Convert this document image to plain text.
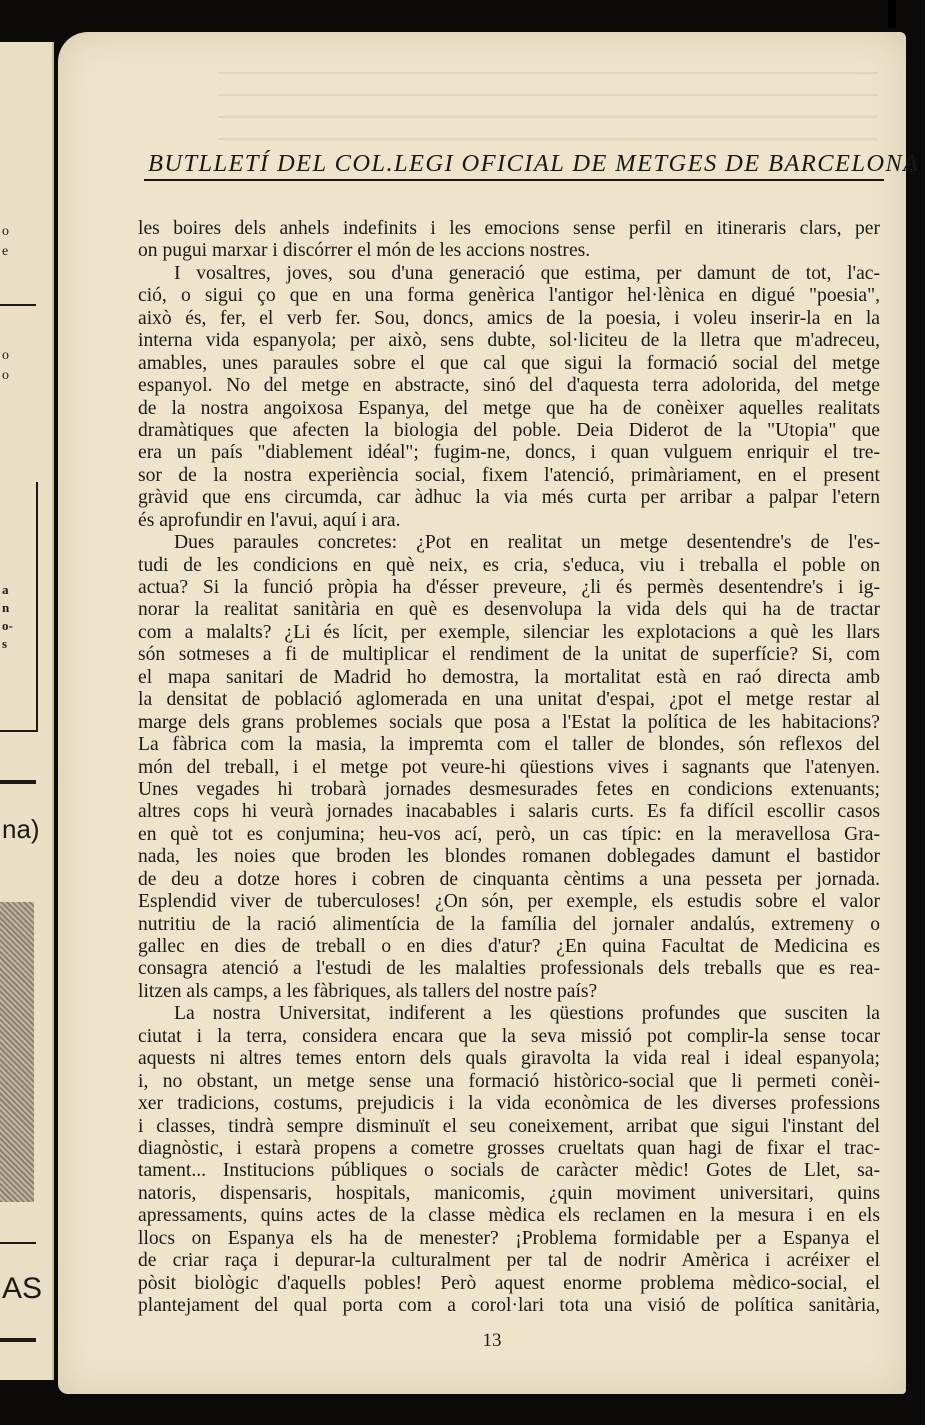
o
e
o
o
a
n
o-
s
na)
AS
BUTLLETÍ DEL COL.LEGI OFICIAL DE METGES DE BARCELONA
les boires dels anhels indefinits i les emocions sense perfil en itineraris clars, per
on pugui marxar i discórrer el món de les accions nostres.
I vosaltres, joves, sou d'una generació que estima, per damunt de tot, l'ac-
ció, o sigui ço que en una forma genèrica l'antigor hel·lènica en digué "poesia",
això és, fer, el verb fer. Sou, doncs, amics de la poesia, i voleu inserir-la en la
interna vida espanyola; per això, sens dubte, sol·liciteu de la lletra que m'adreceu,
amables, unes paraules sobre el que cal que sigui la formació social del metge
espanyol. No del metge en abstracte, sinó del d'aquesta terra adolorida, del metge
de la nostra angoixosa Espanya, del metge que ha de conèixer aquelles realitats
dramàtiques que afecten la biologia del poble. Deia Diderot de la "Utopia" que
era un país "diablement idéal"; fugim-ne, doncs, i quan vulguem enriquir el tre-
sor de la nostra experiència social, fixem l'atenció, primàriament, en el present
gràvid que ens circumda, car àdhuc la via més curta per arribar a palpar l'etern
és aprofundir en l'avui, aquí i ara.
Dues paraules concretes: ¿Pot en realitat un metge desentendre's de l'es-
tudi de les condicions en què neix, es cria, s'educa, viu i treballa el poble on
actua? Si la funció pròpia ha d'ésser preveure, ¿li és permès desentendre's i ig-
norar la realitat sanitària en què es desenvolupa la vida dels qui ha de tractar
com a malalts? ¿Li és lícit, per exemple, silenciar les explotacions a què les llars
són sotmeses a fi de multiplicar el rendiment de la unitat de superfície? Si, com
el mapa sanitari de Madrid ho demostra, la mortalitat està en raó directa amb
la densitat de població aglomerada en una unitat d'espai, ¿pot el metge restar al
marge dels grans problemes socials que posa a l'Estat la política de les habitacions?
La fàbrica com la masia, la impremta com el taller de blondes, són reflexos del
món del treball, i el metge pot veure-hi qüestions vives i sagnants que l'atenyen.
Unes vegades hi trobarà jornades desmesurades fetes en condicions extenuants;
altres cops hi veurà jornades inacabables i salaris curts. Es fa difícil escollir casos
en què tot es conjumina; heu-vos ací, però, un cas típic: en la meravellosa Gra-
nada, les noies que broden les blondes romanen doblegades damunt el bastidor
de deu a dotze hores i cobren de cinquanta cèntims a una pesseta per jornada.
Esplendid viver de tuberculoses! ¿On són, per exemple, els estudis sobre el valor
nutritiu de la ració alimentícia de la família del jornaler andalús, extremeny o
gallec en dies de treball o en dies d'atur? ¿En quina Facultat de Medicina es
consagra atenció a l'estudi de les malalties professionals dels treballs que es rea-
litzen als camps, a les fàbriques, als tallers del nostre país?
La nostra Universitat, indiferent a les qüestions profundes que susciten la
ciutat i la terra, considera encara que la seva missió pot complir-la sense tocar
aquests ni altres temes entorn dels quals giravolta la vida real i ideal espanyola;
i, no obstant, un metge sense una formació històrico-social que li permeti conèi-
xer tradicions, costums, prejudicis i la vida econòmica de les diverses professions
i classes, tindrà sempre disminuït el seu coneixement, arribat que sigui l'instant del
diagnòstic, i estarà propens a cometre grosses crueltats quan hagi de fixar el trac-
tament... Institucions públiques o socials de caràcter mèdic! Gotes de Llet, sa-
natoris, dispensaris, hospitals, manicomis, ¿quin moviment universitari, quins
apressaments, quins actes de la classe mèdica els reclamen en la mesura i en els
llocs on Espanya els ha de menester? ¡Problema formidable per a Espanya el
de criar raça i depurar-la culturalment per tal de nodrir Amèrica i acréixer el
pòsit biològic d'aquells pobles! Però aquest enorme problema mèdico-social, el
plantejament del qual porta com a corol·lari tota una visió de política sanitària,
13
